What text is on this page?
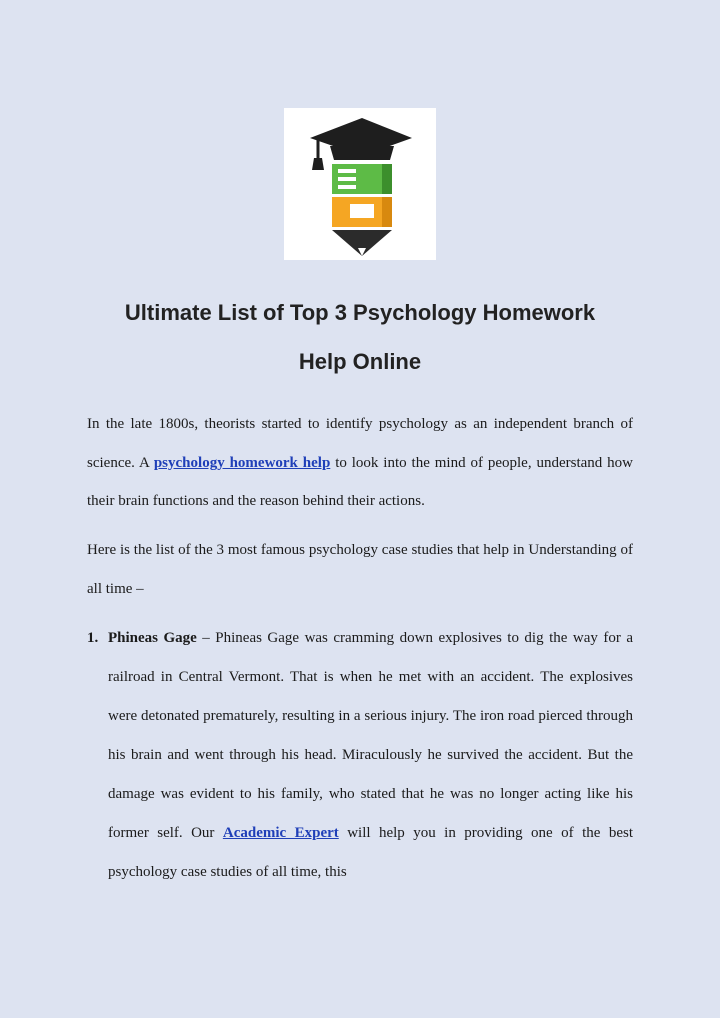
Ultimate List of Top 3 Psychology Homework
Help Online

In the late 1800s, theorists started to identify psychology as an independent branch of science. A psychology homework help to look into the mind of people, understand how their brain functions and the reason behind their actions.

Here is the list of the 3 most famous psychology case studies that help in Understanding of all time –

1. Phineas Gage – Phineas Gage was cramming down explosives to dig the way for a railroad in Central Vermont. That is when he met with an accident. The explosives were detonated prematurely, resulting in a serious injury. The iron road pierced through his brain and went through his head. Miraculously he survived the accident. But the damage was evident to his family, who stated that he was no longer acting like his former self. Our Academic Expert will help you in providing one of the best psychology case studies of all time, this
